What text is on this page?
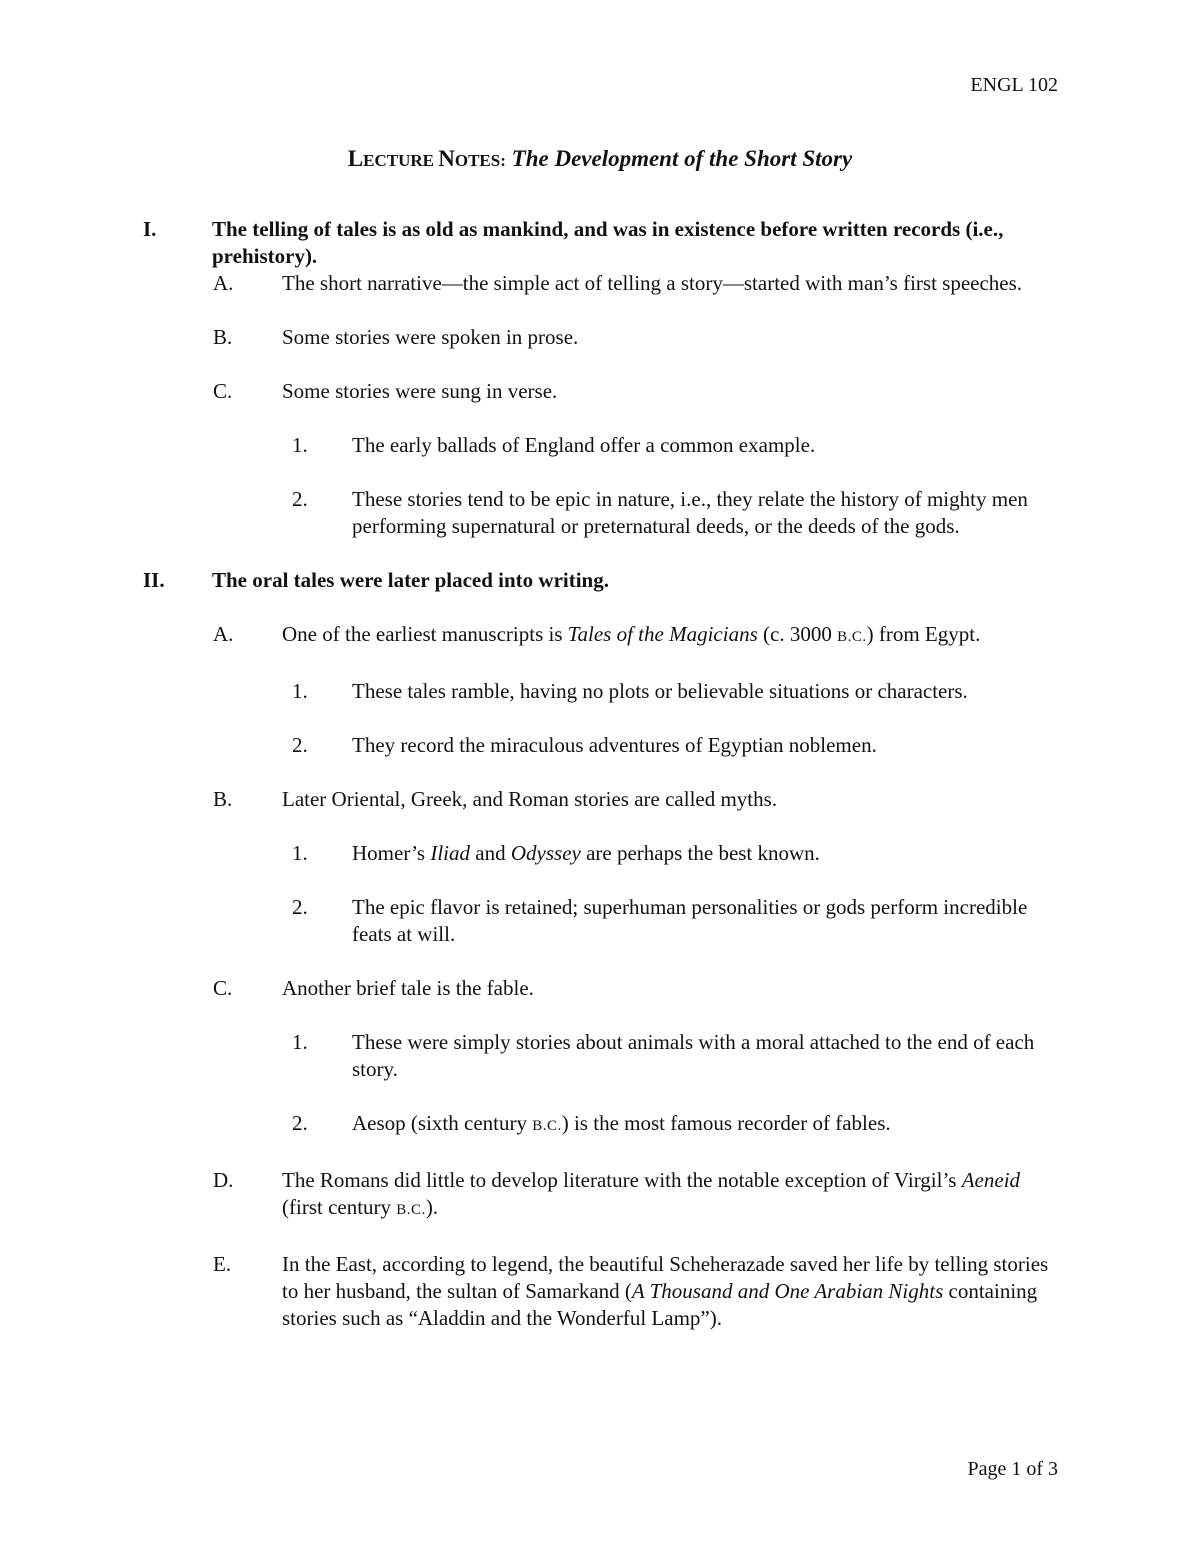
ENGL 102
LECTURE NOTES: The Development of the Short Story
I.	The telling of tales is as old as mankind, and was in existence before written records (i.e., prehistory).
A. The short narrative—the simple act of telling a story—started with man’s first speeches.
B. Some stories were spoken in prose.
C. Some stories were sung in verse.
1. The early ballads of England offer a common example.
2. These stories tend to be epic in nature, i.e., they relate the history of mighty men performing supernatural or preternatural deeds, or the deeds of the gods.
II. The oral tales were later placed into writing.
A. One of the earliest manuscripts is Tales of the Magicians (c. 3000 B.C.) from Egypt.
1. These tales ramble, having no plots or believable situations or characters.
2. They record the miraculous adventures of Egyptian noblemen.
B. Later Oriental, Greek, and Roman stories are called myths.
1. Homer’s Iliad and Odyssey are perhaps the best known.
2. The epic flavor is retained; superhuman personalities or gods perform incredible feats at will.
C. Another brief tale is the fable.
1. These were simply stories about animals with a moral attached to the end of each story.
2. Aesop (sixth century B.C.) is the most famous recorder of fables.
D. The Romans did little to develop literature with the notable exception of Virgil’s Aeneid (first century B.C.).
E. In the East, according to legend, the beautiful Scheherazade saved her life by telling stories to her husband, the sultan of Samarkand (A Thousand and One Arabian Nights containing stories such as “Aladdin and the Wonderful Lamp”).
Page 1 of 3
